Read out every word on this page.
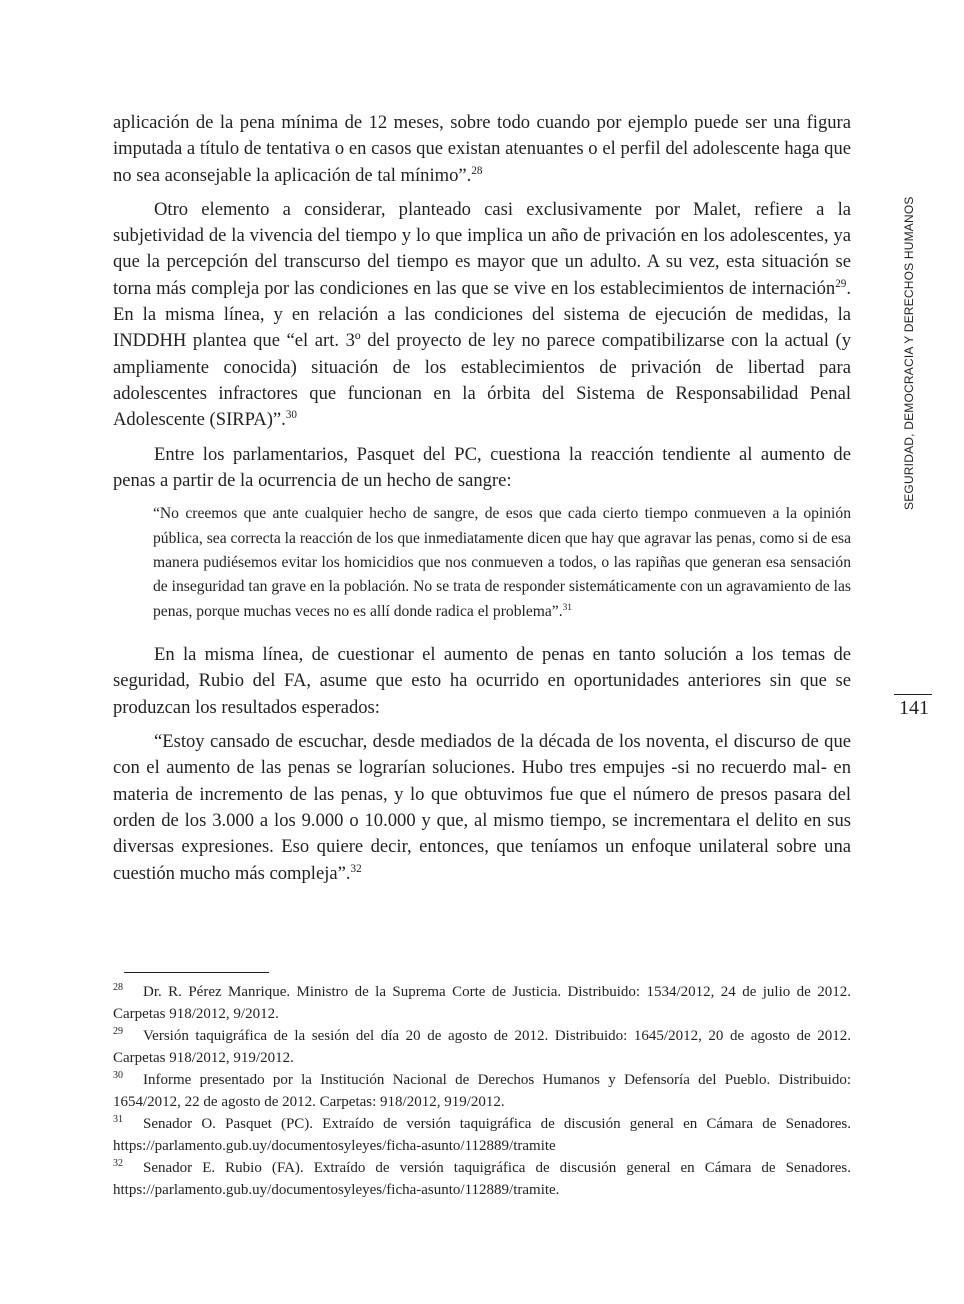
aplicación de la pena mínima de 12 meses, sobre todo cuando por ejemplo puede ser una figura imputada a título de tentativa o en casos que existan atenuantes o el perfil del adolescente haga que no sea aconsejable la aplicación de tal mínimo”.$^{28}$

Otro elemento a considerar, planteado casi exclusivamente por Malet, refiere a la subjetividad de la vivencia del tiempo y lo que implica un año de privación en los adolescentes, ya que la percepción del transcurso del tiempo es mayor que un adulto. A su vez, esta situación se torna más compleja por las condiciones en las que se vive en los establecimientos de internación$^{29}$. En la misma línea, y en relación a las condiciones del sistema de ejecución de medidas, la INDDHH plantea que “el art. 3º del proyecto de ley no parece compatibilizarse con la actual (y ampliamente conocida) situación de los establecimientos de privación de libertad para adolescentes infractores que funcionan en la órbita del Sistema de Responsabilidad Penal Adolescente (SIRPA)”.$^{30}$

Entre los parlamentarios, Pasquet del PC, cuestiona la reacción tendiente al aumento de penas a partir de la ocurrencia de un hecho de sangre:

“No creemos que ante cualquier hecho de sangre, de esos que cada cierto tiempo conmueven a la opinión pública, sea correcta la reacción de los que inmediatamente dicen que hay que agravar las penas, como si de esa manera pudiésemos evitar los homicidios que nos conmueven a todos, o las rapiñas que generan esa sensación de inseguridad tan grave en la población. No se trata de responder sistemáticamente con un agravamiento de las penas, porque muchas veces no es allí donde radica el problema”.$^{31}$

En la misma línea, de cuestionar el aumento de penas en tanto solución a los temas de seguridad, Rubio del FA, asume que esto ha ocurrido en oportunidades anteriores sin que se produzcan los resultados esperados:

“Estoy cansado de escuchar, desde mediados de la década de los noventa, el discurso de que con el aumento de las penas se lograrían soluciones. Hubo tres empujes -si no recuerdo mal- en materia de incremento de las penas, y lo que obtuvimos fue que el número de presos pasara del orden de los 3.000 a los 9.000 o 10.000 y que, al mismo tiempo, se incrementara el delito en sus diversas expresiones. Eso quiere decir, entonces, que teníamos un enfoque unilateral sobre una cuestión mucho más compleja”.$^{32}$

28 Dr. R. Pérez Manrique. Ministro de la Suprema Corte de Justicia. Distribuido: 1534/2012, 24 de julio de 2012. Carpetas 918/2012, 9/2012.

29 Versión taquigráfica de la sesión del día 20 de agosto de 2012. Distribuido: 1645/2012, 20 de agosto de 2012. Carpetas 918/2012, 919/2012.

30 Informe presentado por la Institución Nacional de Derechos Humanos y Defensoría del Pueblo. Distribuido: 1654/2012, 22 de agosto de 2012. Carpetas: 918/2012, 919/2012.

31 Senador O. Pasquet (PC). Extraído de versión taquigráfica de discusión general en Cámara de Senadores. https://parlamento.gub.uy/documentosyleyes/ficha-asunto/112889/tramite

32 Senador E. Rubio (FA). Extraído de versión taquigráfica de discusión general en Cámara de Senadores. https://parlamento.gub.uy/documentosyleyes/ficha-asunto/112889/tramite.

SEGURIDAD, DEMOCRACIA Y DERECHOS HUMANOS
141
